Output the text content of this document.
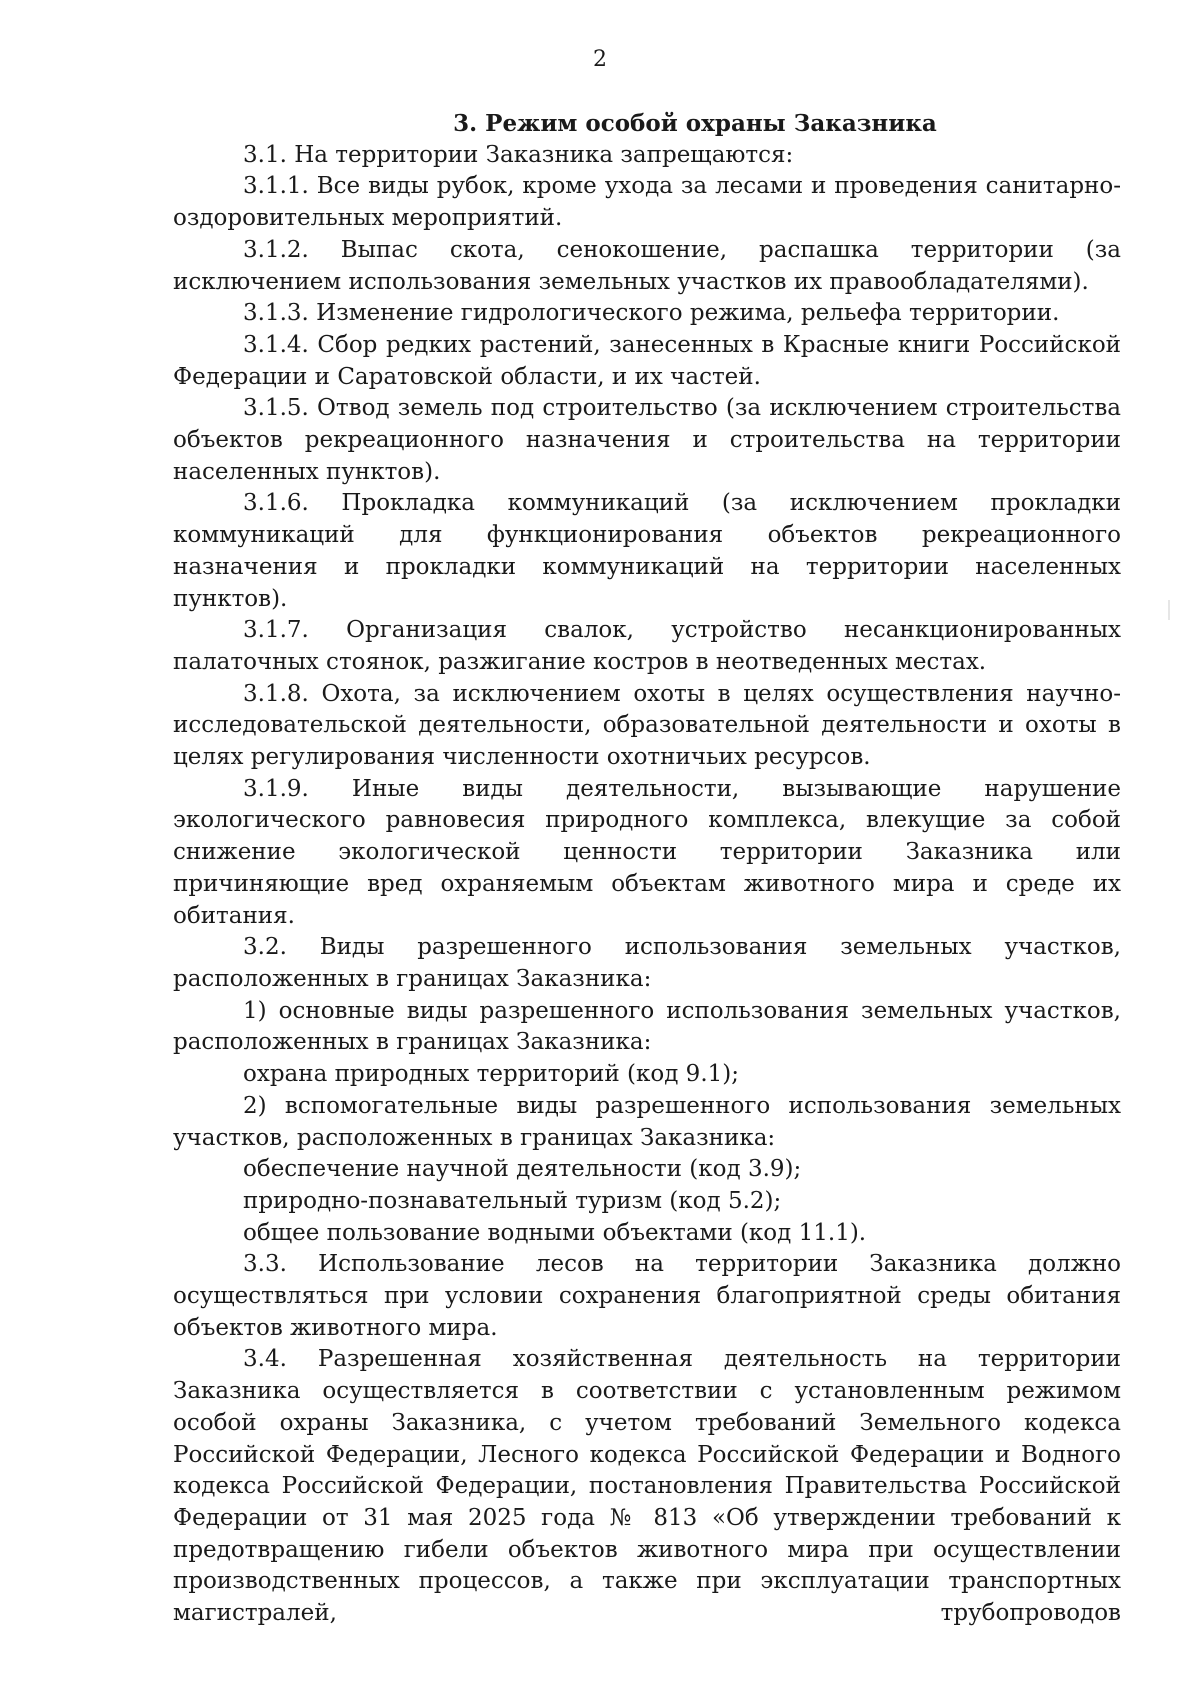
2

3. Режим особой охраны Заказника

3.1. На территории Заказника запрещаются:

3.1.1. Все виды рубок, кроме ухода за лесами и проведения санитарно-оздоровительных мероприятий.

3.1.2. Выпас скота, сенокошение, распашка территории (за исключением использования земельных участков их правообладателями).

3.1.3. Изменение гидрологического режима, рельефа территории.

3.1.4. Сбор редких растений, занесенных в Красные книги Российской Федерации и Саратовской области, и их частей.

3.1.5. Отвод земель под строительство (за исключением строительства объектов рекреационного назначения и строительства на территории населенных пунктов).

3.1.6. Прокладка коммуникаций (за исключением прокладки коммуникаций для функционирования объектов рекреационного назначения и прокладки коммуникаций на территории населенных пунктов).

3.1.7. Организация свалок, устройство несанкционированных палаточных стоянок, разжигание костров в неотведенных местах.

3.1.8. Охота, за исключением охоты в целях осуществления научно-исследовательской деятельности, образовательной деятельности и охоты в целях регулирования численности охотничьих ресурсов.

3.1.9. Иные виды деятельности, вызывающие нарушение экологического равновесия природного комплекса, влекущие за собой снижение экологической ценности территории Заказника или причиняющие вред охраняемым объектам животного мира и среде их обитания.

3.2. Виды разрешенного использования земельных участков, расположенных в границах Заказника:

1) основные виды разрешенного использования земельных участков, расположенных в границах Заказника:

охрана природных территорий (код 9.1);

2) вспомогательные виды разрешенного использования земельных участков, расположенных в границах Заказника:

обеспечение научной деятельности (код 3.9);

природно-познавательный туризм (код 5.2);

общее пользование водными объектами (код 11.1).

3.3. Использование лесов на территории Заказника должно осуществляться при условии сохранения благоприятной среды обитания объектов животного мира.

3.4. Разрешенная хозяйственная деятельность на территории Заказника осуществляется в соответствии с установленным режимом особой охраны Заказника, с учетом требований Земельного кодекса Российской Федерации, Лесного кодекса Российской Федерации и Водного кодекса Российской Федерации, постановления Правительства Российской Федерации от 31 мая 2025 года № 813 «Об утверждении требований к предотвращению гибели объектов животного мира при осуществлении производственных процессов, а также при эксплуатации транспортных магистралей, трубопроводов
